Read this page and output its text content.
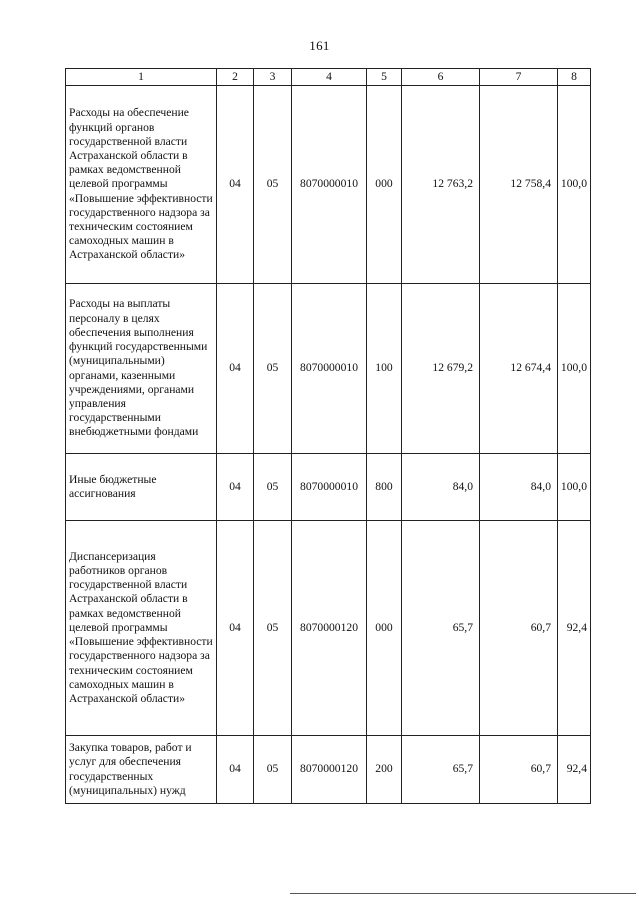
161
1	2	3	4	5	6	7	8
Расходы на обеспечение функций органов государственной власти Астраханской области в рамках ведомственной целевой программы «Повышение эффективности государственного надзора за техническим состоянием самоходных машин в Астраханской области»	04	05	8070000010	000	12 763,2	12 758,4	100,0
Расходы на выплаты персоналу в целях обеспечения выполнения функций государственными (муниципальными) органами, казенными учреждениями, органами управления государственными внебюджетными фондами	04	05	8070000010	100	12 679,2	12 674,4	100,0
Иные бюджетные ассигнования	04	05	8070000010	800	84,0	84,0	100,0
Диспансеризация работников органов государственной власти Астраханской области в рамках ведомственной целевой программы «Повышение эффективности государственного надзора за техническим состоянием самоходных машин в Астраханской области»	04	05	8070000120	000	65,7	60,7	92,4
Закупка товаров, работ и услуг для обеспечения государственных (муниципальных) нужд	04	05	8070000120	200	65,7	60,7	92,4
